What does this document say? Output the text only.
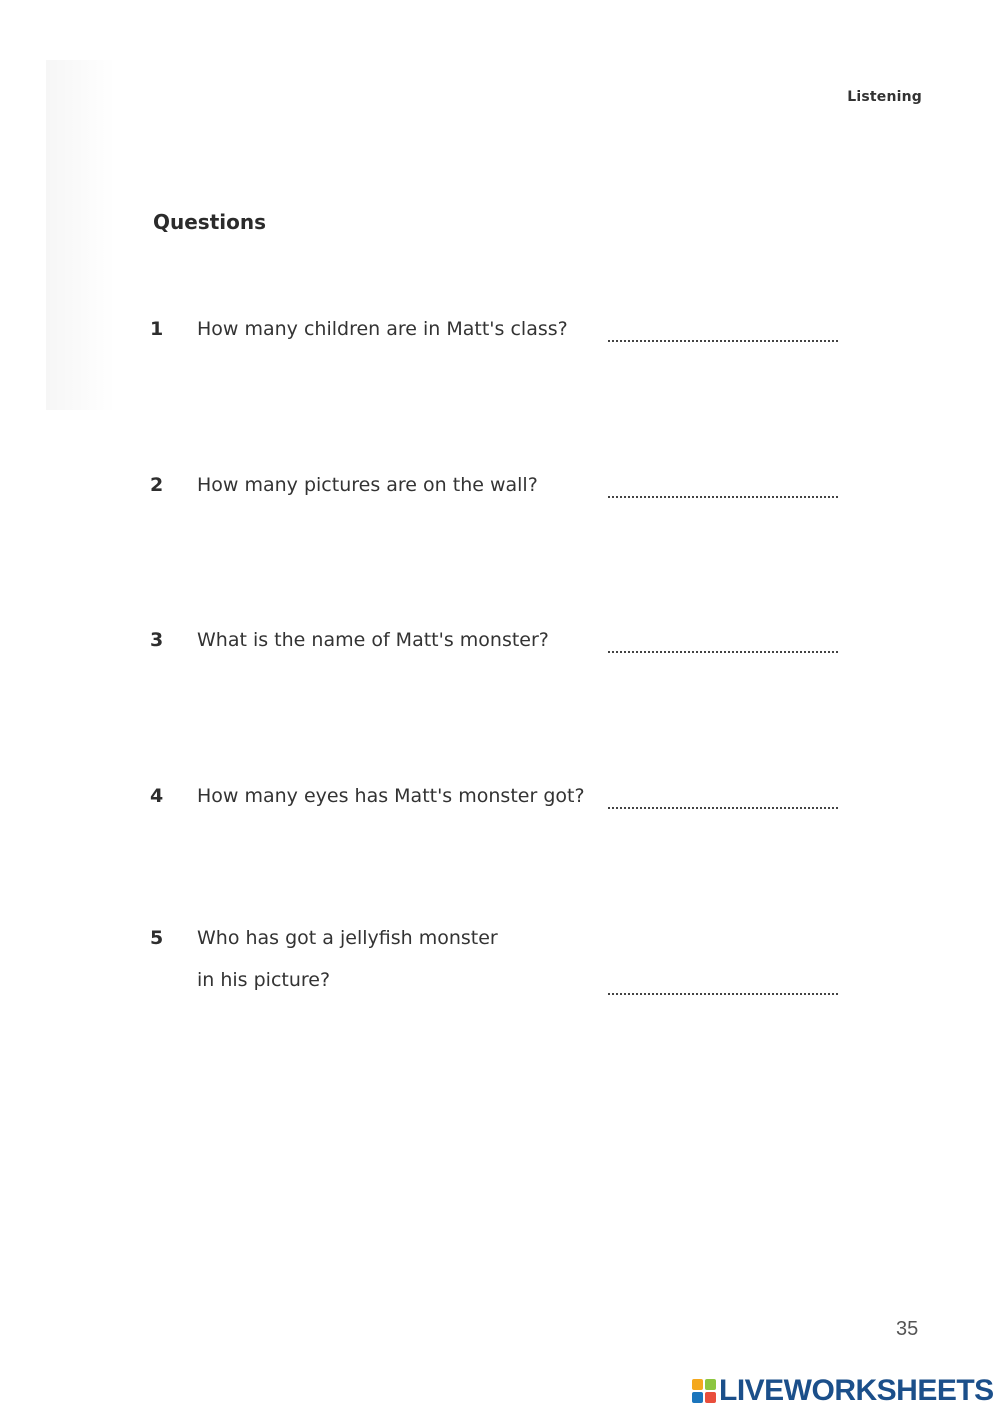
Listening
Questions
1 How many children are in Matt's class?
2 How many pictures are on the wall?
3 What is the name of Matt's monster?
4 How many eyes has Matt's monster got?
5 Who has got a jellyfish monster
in his picture?
35
LIVEWORKSHEETS
